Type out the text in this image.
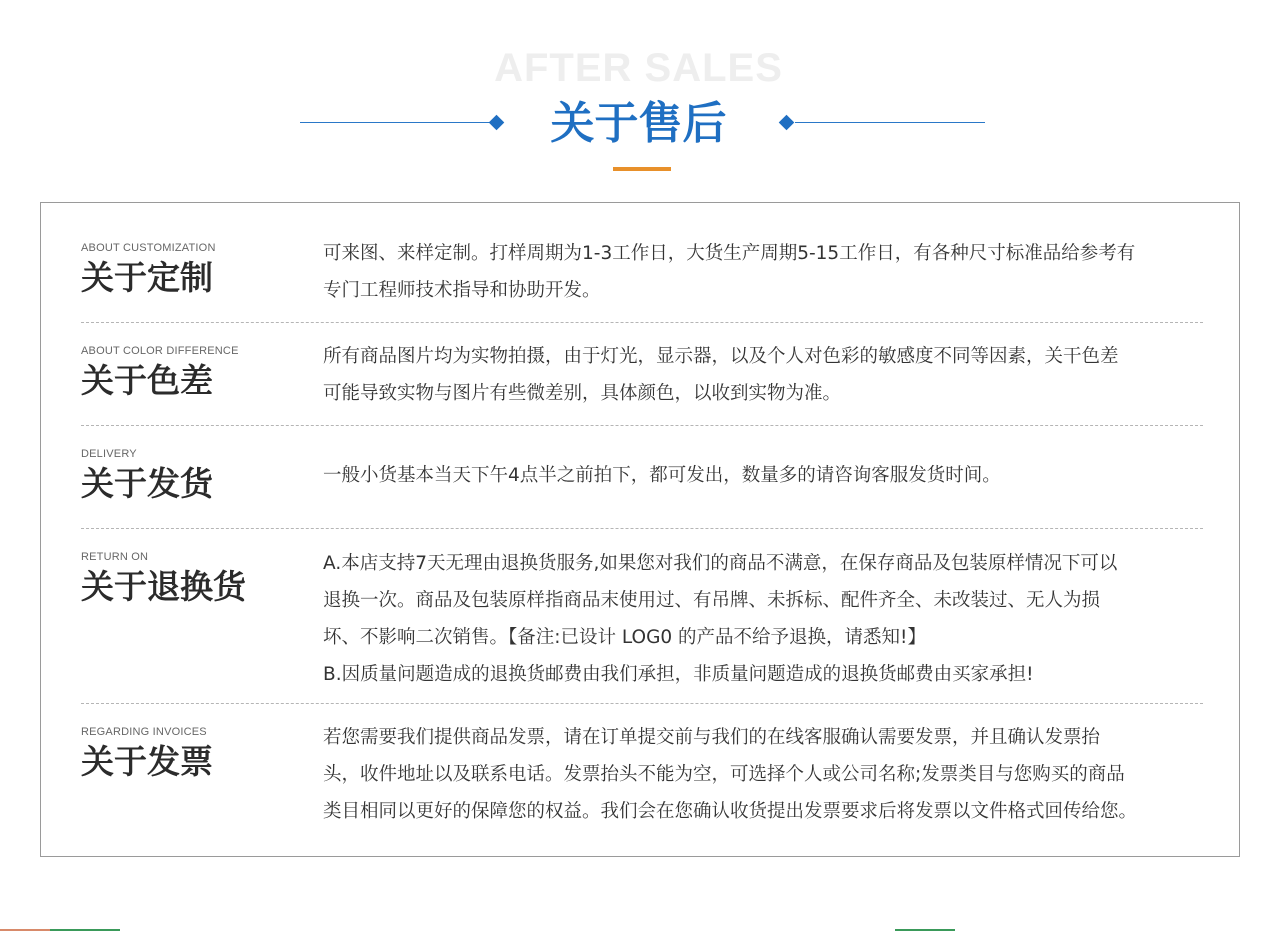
AFTER SALES
关于售后
ABOUT CUSTOMIZATION
关于定制

可来图、来样定制。打样周期为1-3工作日，大货生产周期5-15工作日，有各种尺寸标准品给参考有

专门工程师技术指导和协助开发。

ABOUT COLOR DIFFERENCE
关于色差

所有商品图片均为实物拍摄，由于灯光，显示器，以及个人对色彩的敏感度不同等因素，关干色差

可能导致实物与图片有些微差别，具体颜色，以收到实物为准。

DELIVERY
关于发货	一般小货基本当天下午4点半之前拍下，都可发出，数量多的请咨询客服发货时间。

RETURN ON
关于退换货

A.本店支持7天无理由退换货服务,如果您对我们的商品不满意，在保存商品及包装原样情况下可以

退换一次。商品及包装原样指商品末使用过、有吊牌、未拆标、配件齐全、未改装过、无人为损

坏、不影响二次销售。【备注:已设计 LOG0 的产品不给予退换，请悉知!】

B.因质量问题造成的退换货邮费由我们承担，非质量问题造成的退换货邮费由买家承担!

REGARDING INVOICES
关于发票

若您需要我们提供商品发票，请在订单提交前与我们的在线客服确认需要发票，并且确认发票抬

头，收件地址以及联系电话。发票抬头不能为空，可选择个人或公司名称;发票类目与您购买的商品

类目相同以更好的保障您的权益。我们会在您确认收货提出发票要求后将发票以文件格式回传给您。
